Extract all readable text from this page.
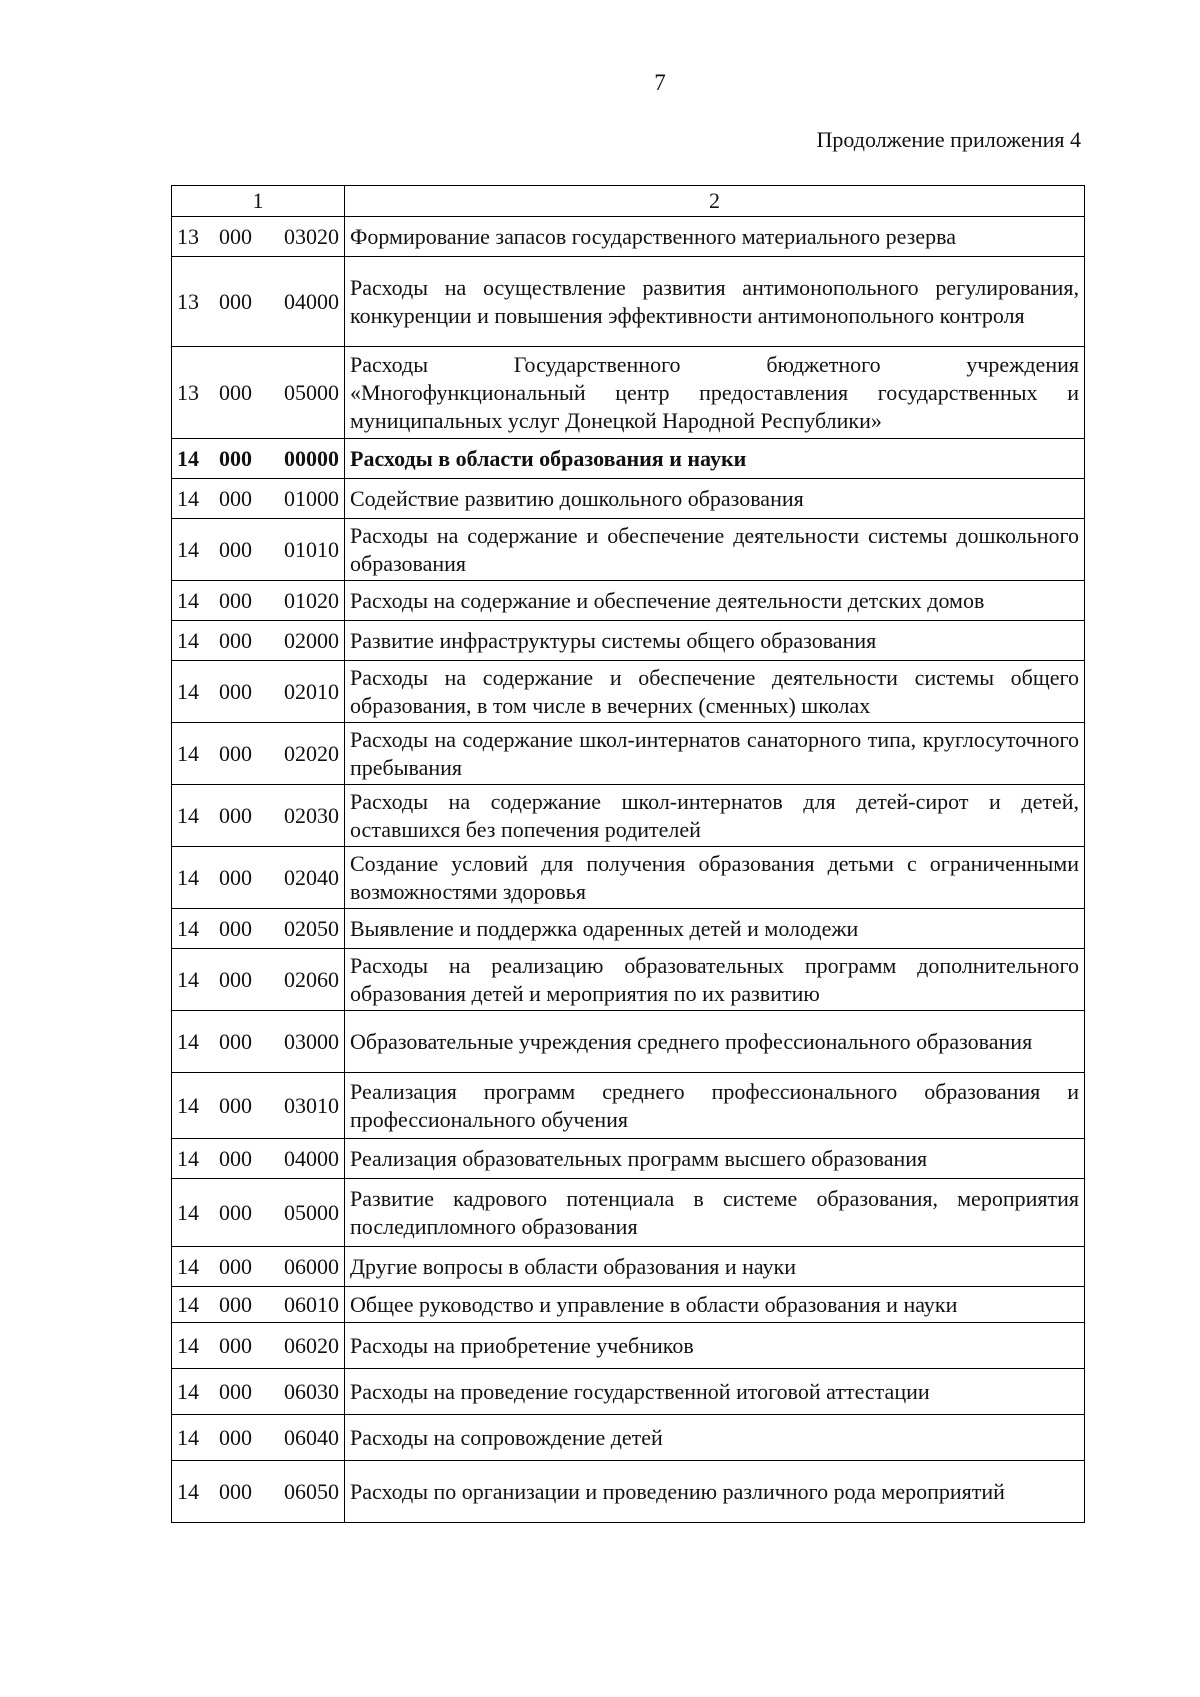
7
Продолжение приложения 4
1	2

13 000 03020	Формирование запасов государственного материального резерва

13 000 04000	Расходы на осуществление развития антимонопольного регулирования, конкуренции и повышения эффективности антимонопольного контроля

13 000 05000	Расходы Государственного бюджетного учреждения «Многофункциональный центр предоставления государственных и муниципальных услуг Донецкой Народной Республики»

14 000 00000	Расходы в области образования и науки

14 000 01000	Содействие развитию дошкольного образования

14 000 01010	Расходы на содержание и обеспечение деятельности системы дошкольного образования

14 000 01020	Расходы на содержание и обеспечение деятельности детских домов

14 000 02000	Развитие инфраструктуры системы общего образования

14 000 02010	Расходы на содержание и обеспечение деятельности системы общего образования, в том числе в вечерних (сменных) школах

14 000 02020	Расходы на содержание школ-интернатов санаторного типа, круглосуточного пребывания

14 000 02030	Расходы на содержание школ-интернатов для детей-сирот и детей, оставшихся без попечения родителей

14 000 02040	Создание условий для получения образования детьми с ограниченными возможностями здоровья

14 000 02050	Выявление и поддержка одаренных детей и молодежи

14 000 02060	Расходы на реализацию образовательных программ дополнительного образования детей и мероприятия по их развитию

14 000 03000	Образовательные учреждения среднего профессионального образования

14 000 03010	Реализация программ среднего профессионального образования и профессионального обучения

14 000 04000	Реализация образовательных программ высшего образования

14 000 05000	Развитие кадрового потенциала в системе образования, мероприятия последипломного образования

14 000 06000	Другие вопросы в области образования и науки

14 000 06010	Общее руководство и управление в области образования и науки

14 000 06020	Расходы на приобретение учебников

14 000 06030	Расходы на проведение государственной итоговой аттестации

14 000 06040	Расходы на сопровождение детей

14 000 06050	Расходы по организации и проведению различного рода мероприятий
